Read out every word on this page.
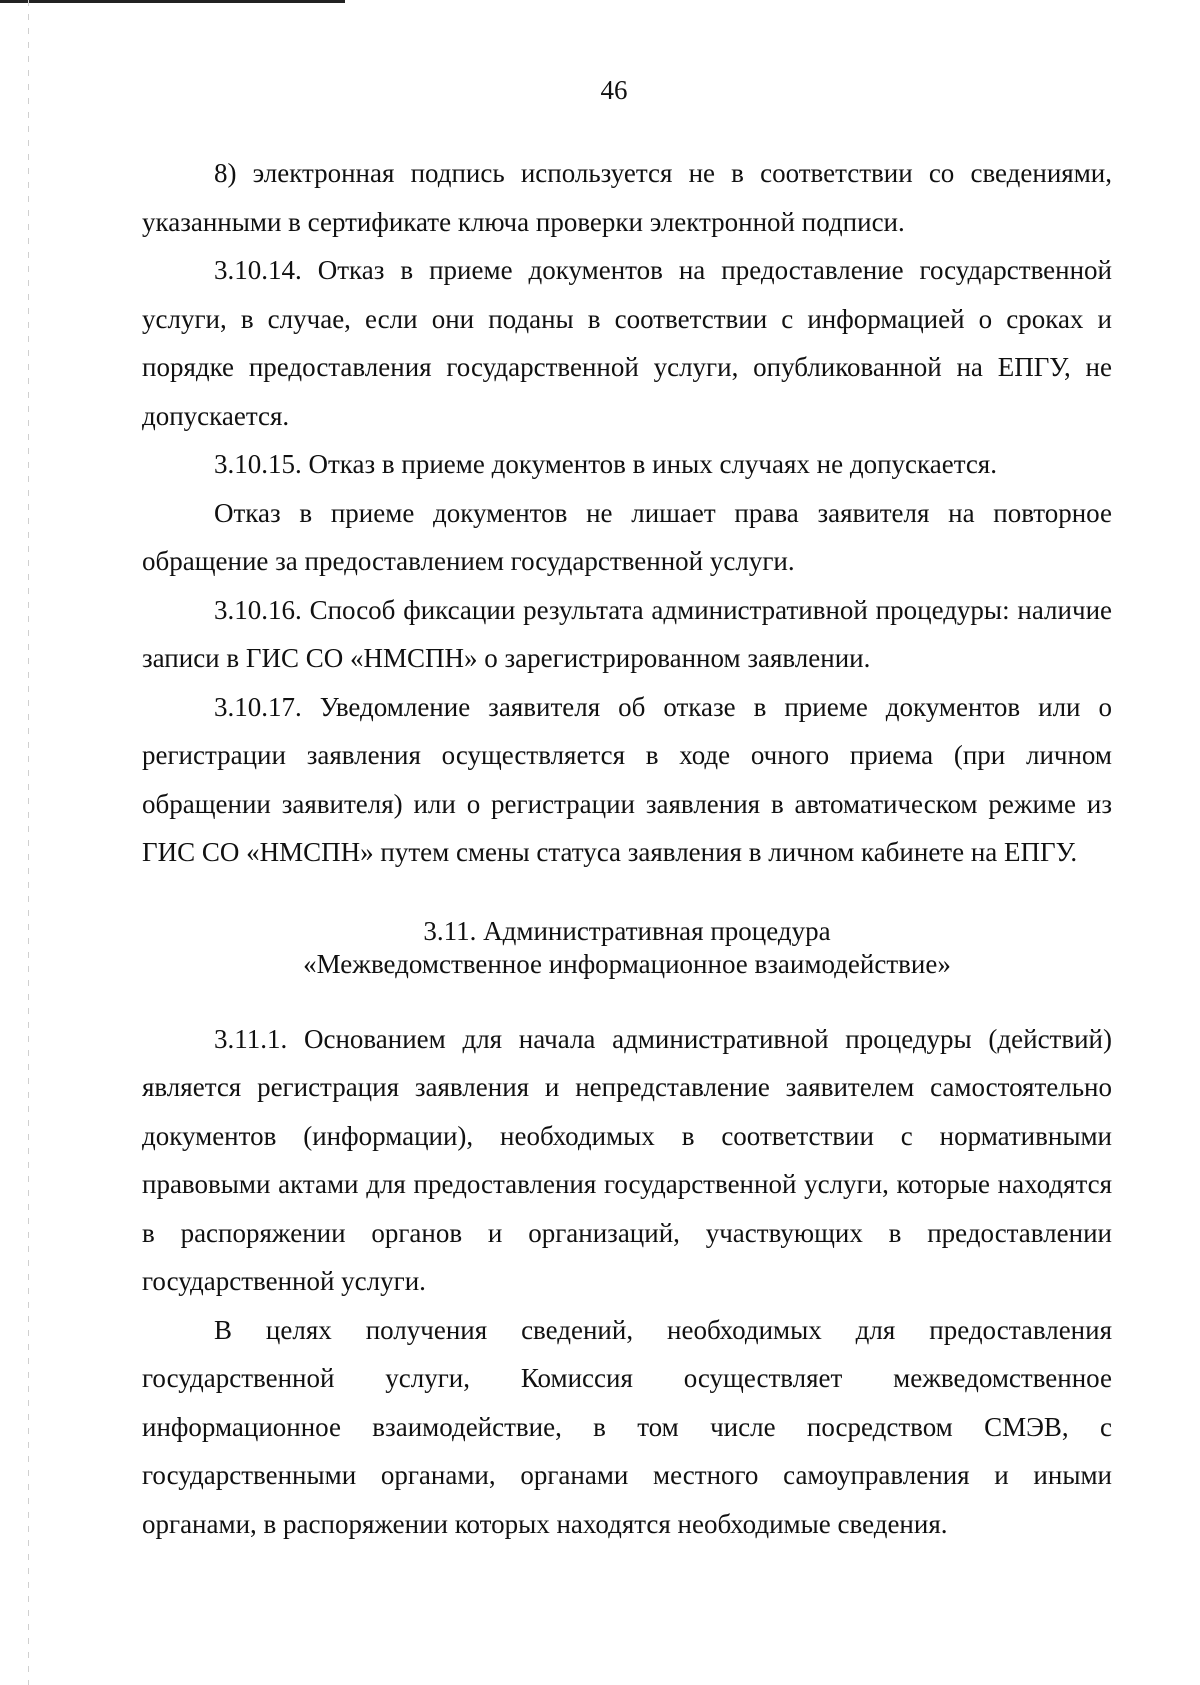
46

8) электронная подпись используется не в соответствии со сведениями, указанными в сертификате ключа проверки электронной подписи.

3.10.14. Отказ в приеме документов на предоставление государственной услуги, в случае, если они поданы в соответствии с информацией о сроках и порядке предоставления государственной услуги, опубликованной на ЕПГУ, не допускается.

3.10.15. Отказ в приеме документов в иных случаях не допускается.

Отказ в приеме документов не лишает права заявителя на повторное обращение за предоставлением государственной услуги.

3.10.16. Способ фиксации результата административной процедуры: наличие записи в ГИС СО «НМСПН» о зарегистрированном заявлении.

3.10.17. Уведомление заявителя об отказе в приеме документов или о регистрации заявления осуществляется в ходе очного приема (при личном обращении заявителя) или о регистрации заявления в автоматическом режиме из ГИС СО «НМСПН» путем смены статуса заявления в личном кабинете на ЕПГУ.

3.11. Административная процедура
«Межведомственное информационное взаимодействие»

3.11.1. Основанием для начала административной процедуры (действий) является регистрация заявления и непредставление заявителем самостоятельно документов (информации), необходимых в соответствии с нормативными правовыми актами для предоставления государственной услуги, которые находятся в распоряжении органов и организаций, участвующих в предоставлении государственной услуги.

В целях получения сведений, необходимых для предоставления государственной услуги, Комиссия осуществляет межведомственное информационное взаимодействие, в том числе посредством СМЭВ, с государственными органами, органами местного самоуправления и иными органами, в распоряжении которых находятся необходимые сведения.
